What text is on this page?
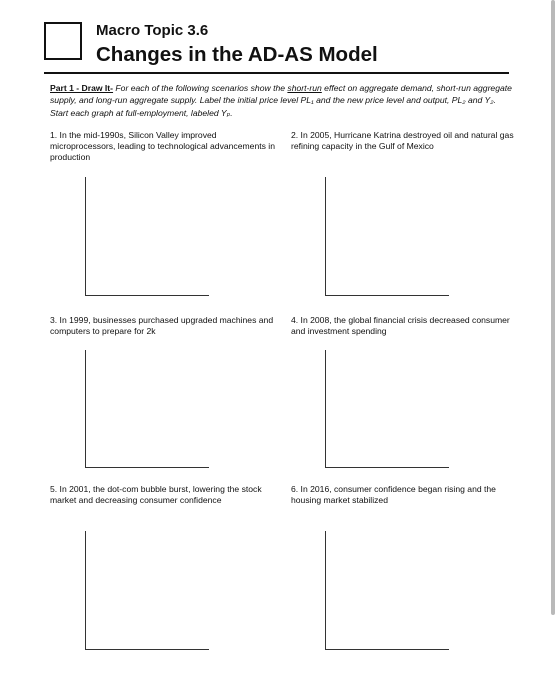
Macro Topic 3.6
Changes in the AD-AS Model
Part 1 - Draw It- For each of the following scenarios show the short-run effect on aggregate demand, short-run aggregate supply, and long-run aggregate supply. Label the initial price level PL₁ and the new price level and output, PL₂ and Y₂. Start each graph at full-employment, labeled Yₚ.
1. In the mid-1990s, Silicon Valley improved microprocessors, leading to technological advancements in production
2. In 2005, Hurricane Katrina destroyed oil and natural gas refining capacity in the Gulf of Mexico
3. In 1999, businesses purchased upgraded machines and computers to prepare for 2k
4. In 2008, the global financial crisis decreased consumer and investment spending
5. In 2001, the dot-com bubble burst, lowering the stock market and decreasing consumer confidence
6. In 2016, consumer confidence began rising and the housing market stabilized
